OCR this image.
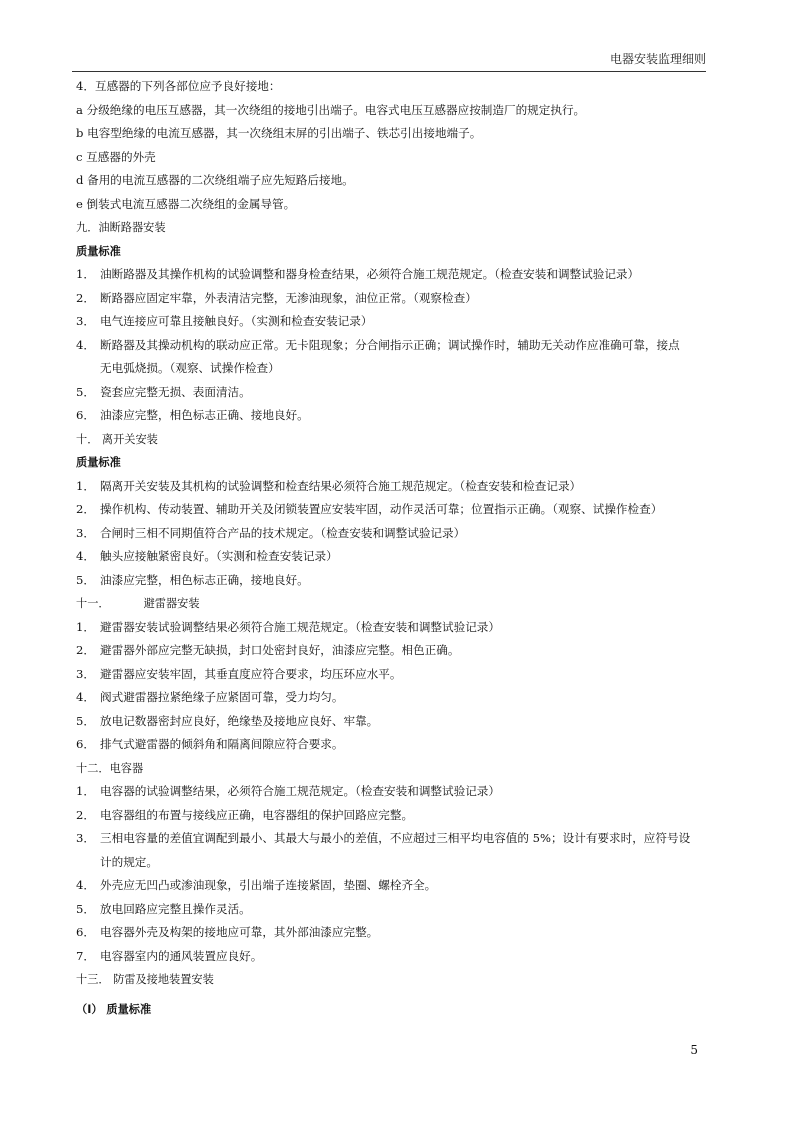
电器安装监理细则
4．互感器的下列各部位应予良好接地：
a 分级绝缘的电压互感器，其一次绕组的接地引出端子。电容式电压互感器应按制造厂的规定执行。
b 电容型绝缘的电流互感器，其一次绕组末屏的引出端子、铁芯引出接地端子。
c 互感器的外壳
d 备用的电流互感器的二次绕组端子应先短路后接地。
e 倒装式电流互感器二次绕组的金属导管。
九．油断路器安装
质量标准
1． 油断路器及其操作机构的试验调整和器身检查结果，必须符合施工规范规定。（检查安装和调整试验记录）
2． 断路器应固定牢靠，外表清洁完整，无渗油现象，油位正常。（观察检查）
3． 电气连接应可靠且接触良好。（实测和检查安装记录）
4． 断路器及其操动机构的联动应正常。无卡阻现象；分合闸指示正确；调试操作时，辅助无关动作应准确可靠，接点
无电弧烧损。（观察、试操作检查）
5． 瓷套应完整无损、表面清洁。
6． 油漆应完整，相色标志正确、接地良好。
十． 离开关安装
质量标准
1． 隔离开关安装及其机构的试验调整和检查结果必须符合施工规范规定。（检查安装和检查记录）
2． 操作机构、传动装置、辅助开关及闭锁装置应安装牢固，动作灵活可靠；位置指示正确。（观察、试操作检查）
3． 合闸时三相不同期值符合产品的技术规定。（检查安装和调整试验记录）
4． 触头应接触紧密良好。（实测和检查安装记录）
5． 油漆应完整，相色标志正确，接地良好。
十一．	避雷器安装
1． 避雷器安装试验调整结果必须符合施工规范规定。（检查安装和调整试验记录）
2． 避雷器外部应完整无缺损，封口处密封良好，油漆应完整。相色正确。
3． 避雷器应安装牢固，其垂直度应符合要求，均压环应水平。
4． 阀式避雷器拉紧绝缘子应紧固可靠，受力均匀。
5． 放电记数器密封应良好，绝缘垫及接地应良好、牢靠。
6． 排气式避雷器的倾斜角和隔离间隙应符合要求。
十二．电容器
1． 电容器的试验调整结果，必须符合施工规范规定。（检查安装和调整试验记录）
2． 电容器组的布置与接线应正确，电容器组的保护回路应完整。
3． 三相电容量的差值宜调配到最小、其最大与最小的差值，不应超过三相平均电容值的 5%；设计有要求时，应符号设
计的规定。
4． 外壳应无凹凸或渗油现象，引出端子连接紧固，垫圈、螺栓齐全。
5． 放电回路应完整且操作灵活。
6． 电容器外壳及构架的接地应可靠，其外部油漆应完整。
7． 电容器室内的通风装置应良好。
十三． 防雷及接地装置安装
（I） 质量标准
5
